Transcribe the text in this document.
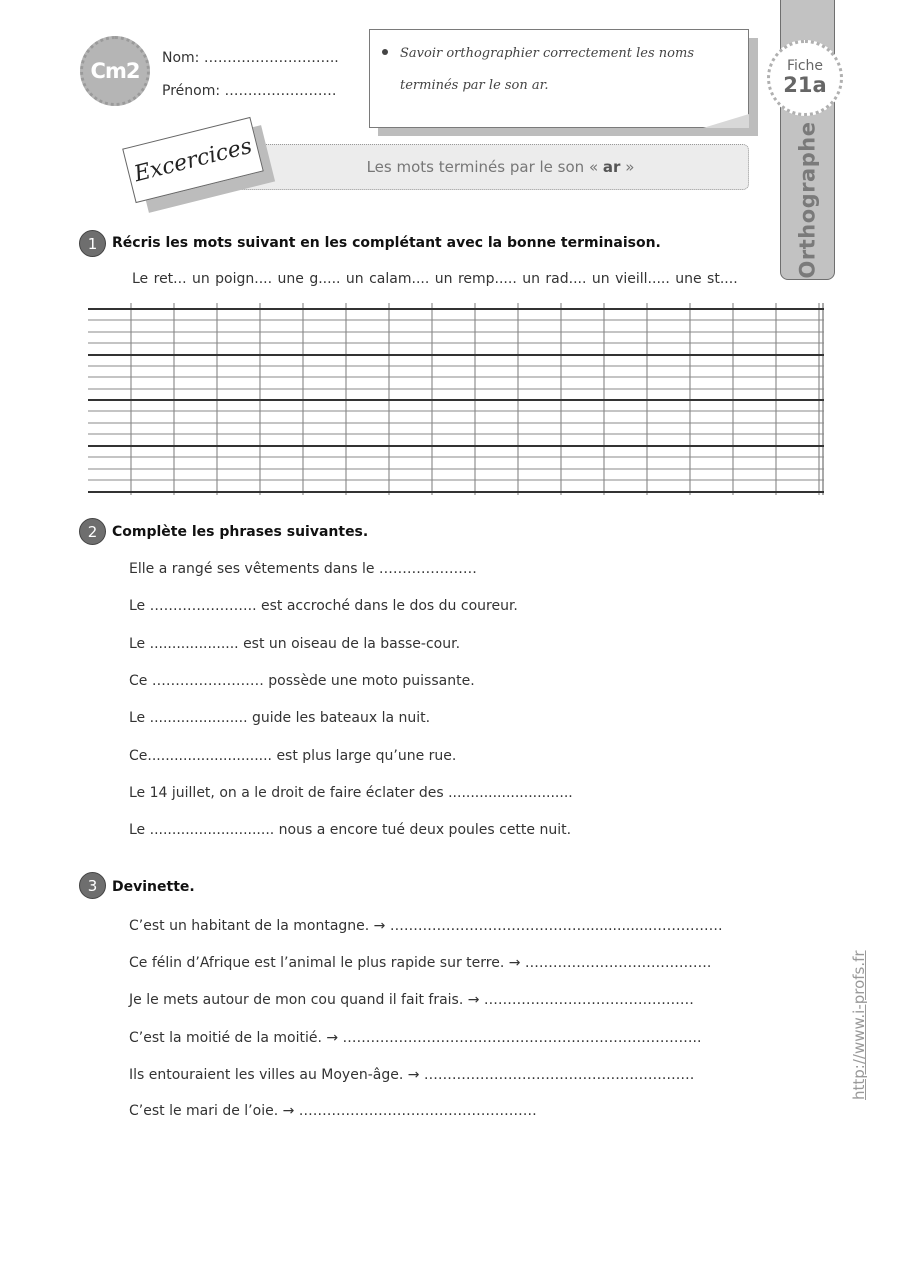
Cm2
Nom: ………………………..
Prénom: ……………………
Savoir orthographier correctement les noms terminés par le son ar.
Orthographe
Fiche
21a
Les mots terminés par le son «
ar
»
Excercices
1 Récris les mots suivant en les complétant avec la bonne terminaison.
Le ret... un poign.... une g..... un calam.... un remp..... un rad.... un vieill..... une st....
2 Complète les phrases suivantes.
Elle a rangé ses vêtements dans le …………………
Le ………………….. est accroché dans le dos du coureur.
Le .................... est un oiseau de la basse-cour.
Ce …………………… possède une moto puissante.
Le ...................... guide les bateaux la nuit.
Ce............................ est plus large qu’une rue.
Le 14 juillet, on a le droit de faire éclater des ............................
Le ............................ nous a encore tué deux poules cette nuit.
3 Devinette.
C’est un habitant de la montagne. → ……………………………………...............……………
Ce félin d’Afrique est l’animal le plus rapide sur terre. → ………………………………….
Je le mets autour de mon cou quand il fait frais. → ………………………………………
C’est la moitié de la moitié. → …………………………………………………………………..
Ils entouraient les villes au Moyen-âge. → …………………………………………….……
C’est le mari de l’oie. → ……………………………………………
http://www.i-profs.fr
